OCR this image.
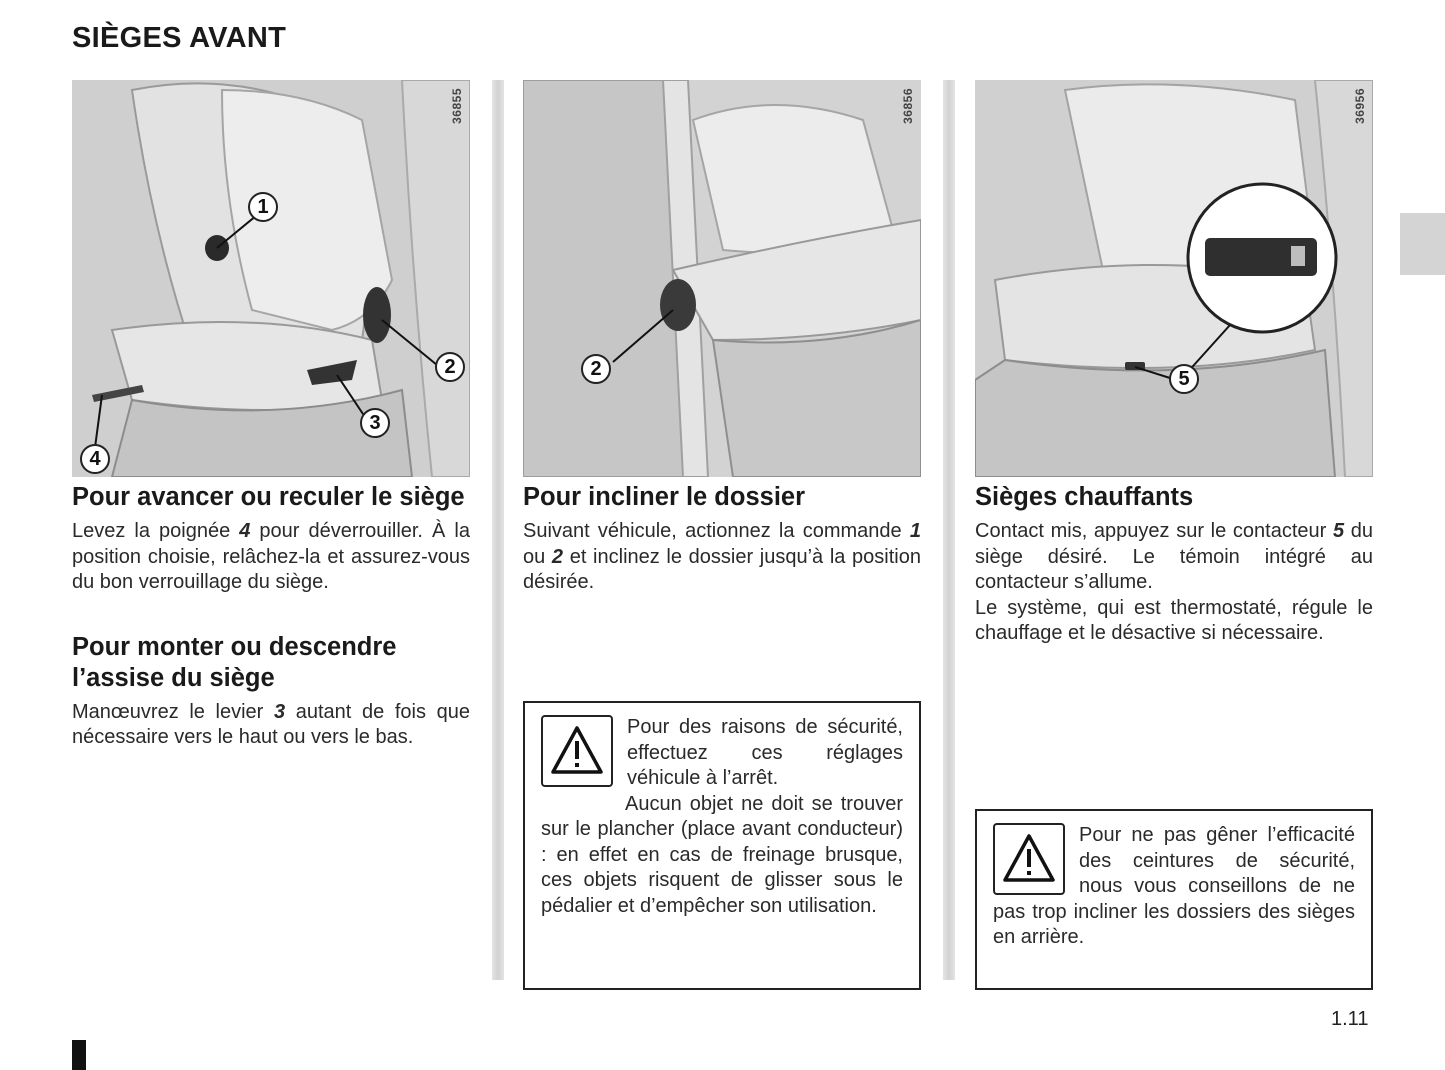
SIÈGES AVANT
36855
1
2
3
4
Pour avancer ou reculer le siège

Levez la poignée 4 pour déverrouiller. À la position choisie, relâchez-la et assurez-vous du bon verrouillage du siège.

Pour monter ou descendre l’assise du siège

Manœuvrez le levier 3 autant de fois que nécessaire vers le haut ou vers le bas.

36856
2
Pour incliner le dossier

Suivant véhicule, actionnez la commande 1 ou 2 et inclinez le dossier jusqu’à la position désirée.

Pour des raisons de sécurité, effectuez ces réglages véhicule à l’arrêt.

Aucun objet ne doit se trouver sur le plancher (place avant conducteur) : en effet en cas de freinage brusque, ces objets risquent de glisser sous le pédalier et d’empêcher son utilisation.
36956
5
Sièges chauffants

Contact mis, appuyez sur le contacteur 5 du siège désiré. Le témoin intégré au contacteur s’allume.

Le système, qui est thermostaté, régule le chauffage et le désactive si nécessaire.

Pour ne pas gêner l’efficacité des ceintures de sécurité, nous vous conseillons de ne pas trop incliner les dossiers des sièges en arrière.
1.11
